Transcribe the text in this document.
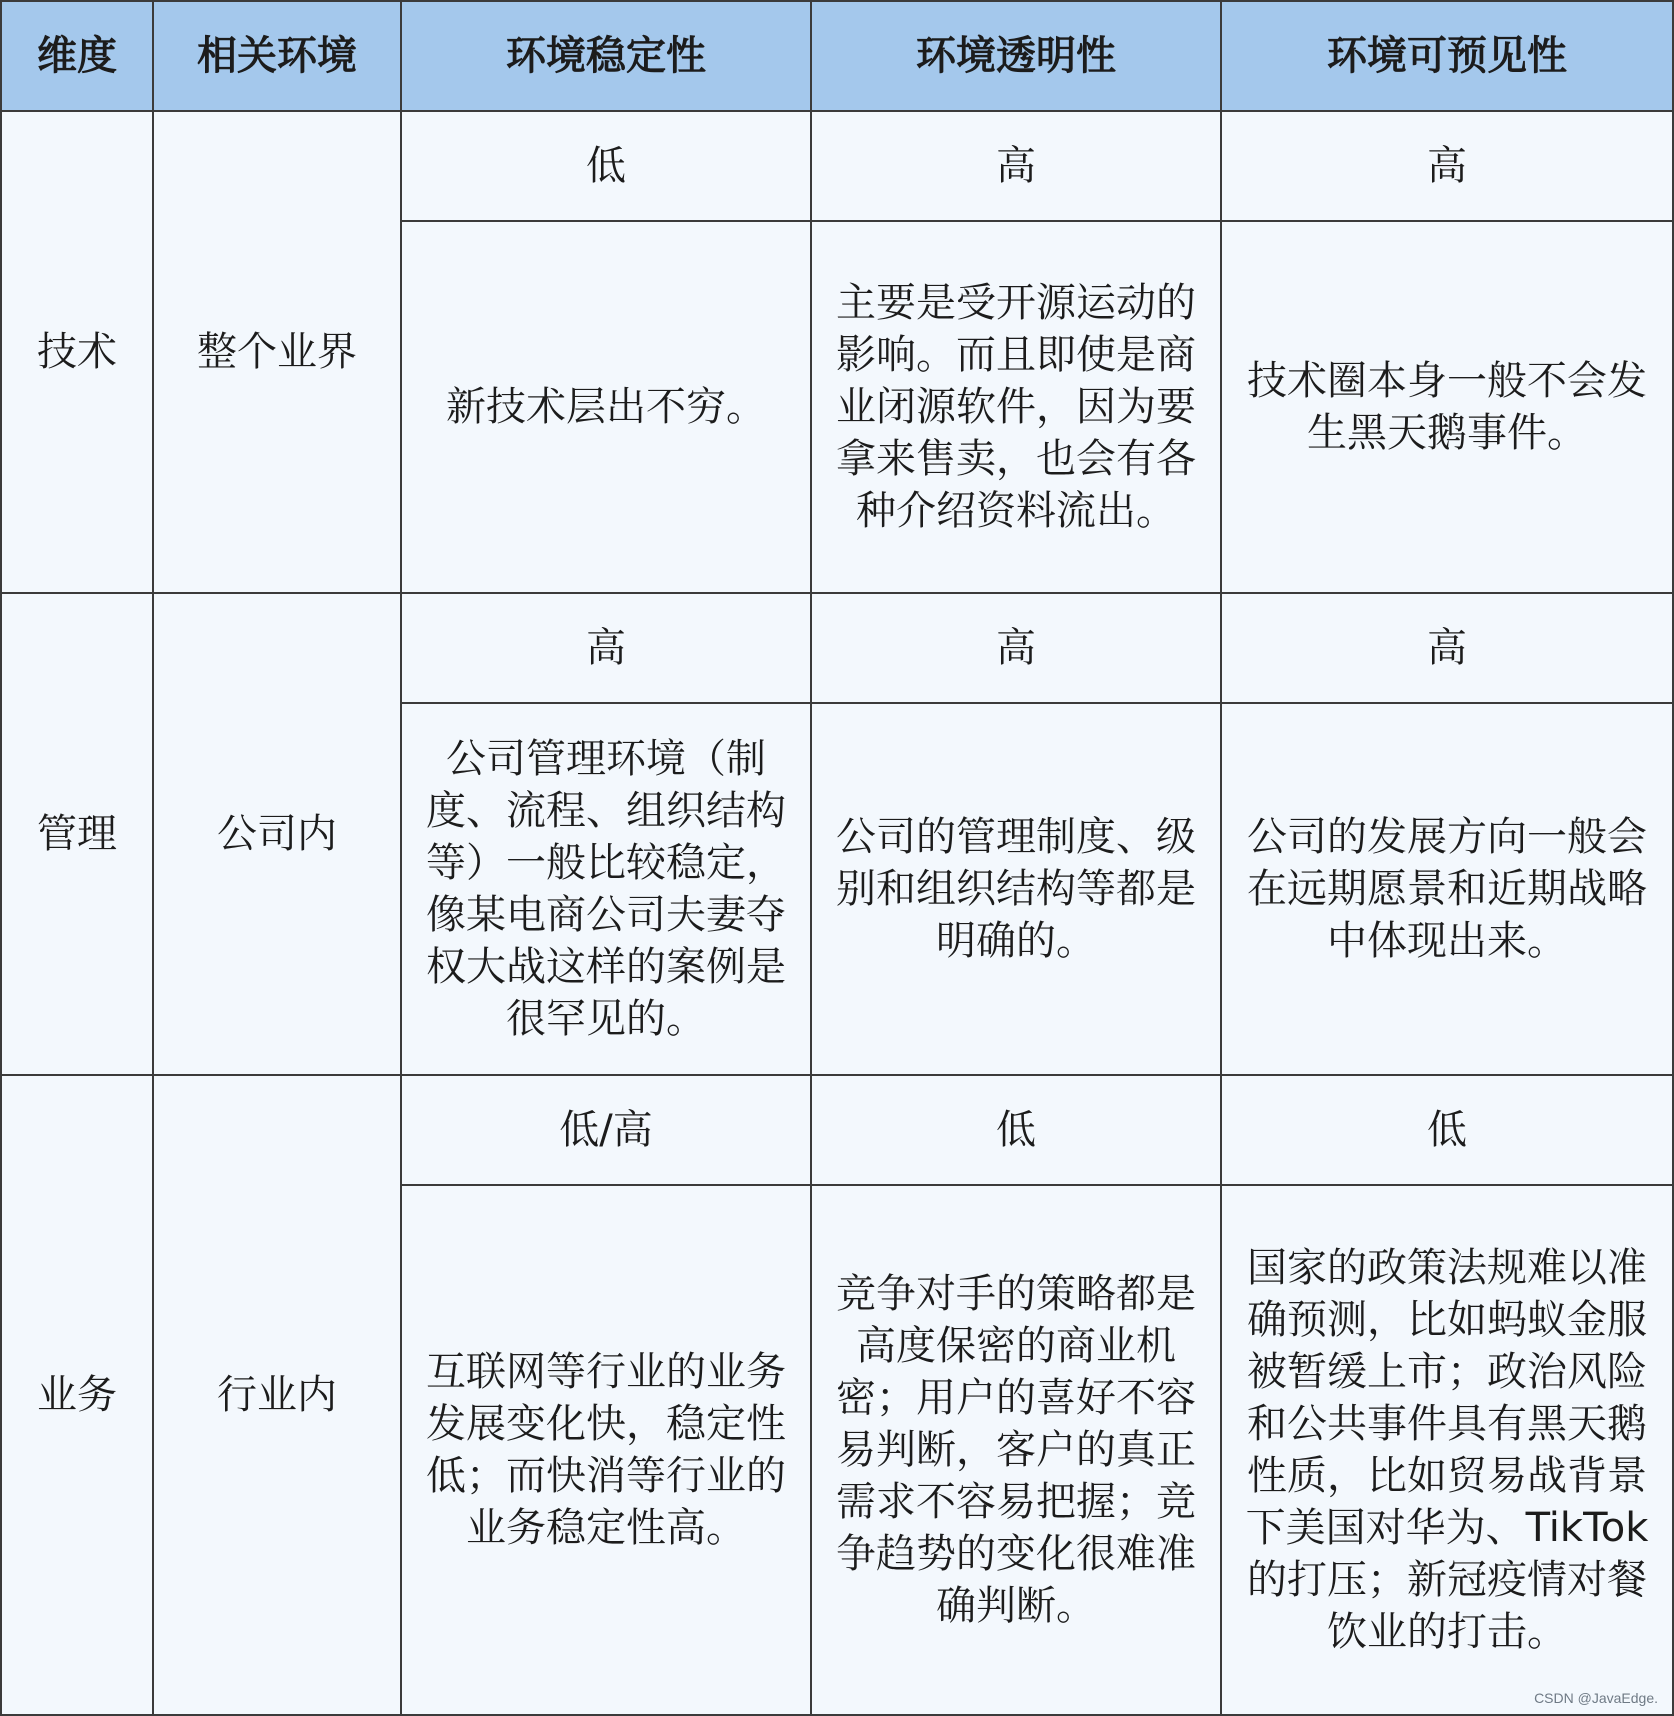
维度	相关环境	环境稳定性	环境透明性	环境可预见性
技术	整个业界	低	高	高
		新技术层出不穷。	主要是受开源运动的影响。而且即使是商业闭源软件，因为要拿来售卖，也会有各种介绍资料流出。	技术圈本身一般不会发生黑天鹅事件。
管理	公司内	高	高	高
		公司管理环境（制度、流程、组织结构等）一般比较稳定，像某电商公司夫妻夺权大战这样的案例是很罕见的。	公司的管理制度、级别和组织结构等都是明确的。	公司的发展方向一般会在远期愿景和近期战略中体现出来。
业务	行业内	低/高	低	低
		互联网等行业的业务发展变化快，稳定性低；而快消等行业的业务稳定性高。	竞争对手的策略都是高度保密的商业机密；用户的喜好不容易判断，客户的真正需求不容易把握；竞争趋势的变化很难准确判断。	国家的政策法规难以准确预测，比如蚂蚁金服被暂缓上市；政治风险和公共事件具有黑天鹅性质，比如贸易战背景下美国对华为、TikTok的打压；新冠疫情对餐饮业的打击。
CSDN @JavaEdge.
